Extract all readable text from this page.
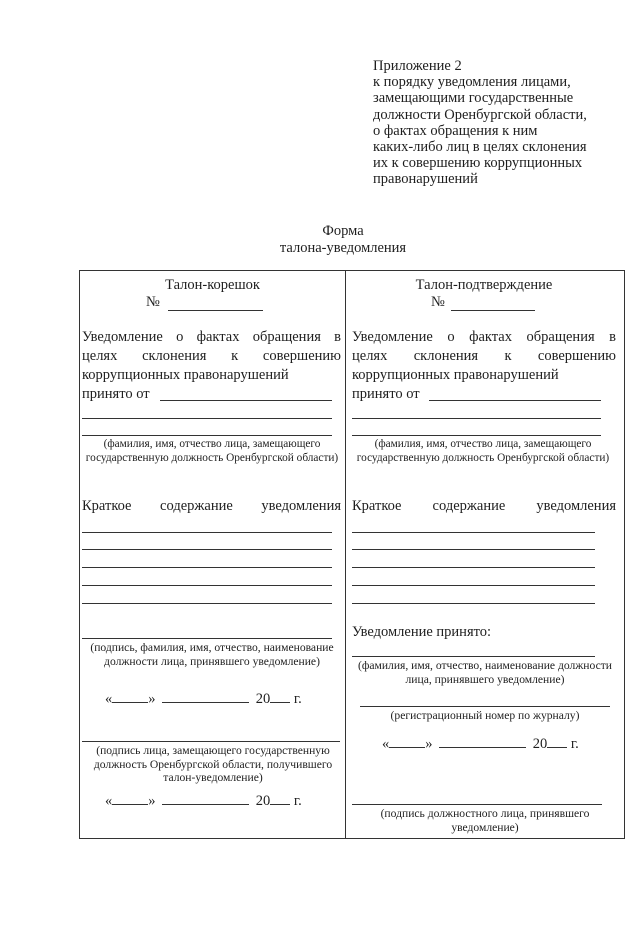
Приложение 2
к порядку уведомления лицами,
замещающими государственные
должности Оренбургской области,
о фактах обращения к ним
каких-либо лиц в целях склонения
их к совершению коррупционных
правонарушений
Форма
талона-уведомления
Талон-корешок
№
Уведомление о фактах обращения в
целях склонения к совершению
коррупционных правонарушений
принято от
(фамилия, имя, отчество лица, замещающего государственную должность Оренбургской области)
Краткое содержание уведомления
(подпись, фамилия, имя, отчество, наименование должности лица, принявшего уведомление)
« »	20 г.
(подпись лица, замещающего государственную должность Оренбургской области, получившего талон-уведомление)
« »	20 г.
Талон-подтверждение
№
Уведомление о фактах обращения в
целях склонения к совершению
коррупционных правонарушений
принято от
(фамилия, имя, отчество лица, замещающего государственную должность Оренбургской области)
Краткое содержание уведомления
Уведомление принято:
(фамилия, имя, отчество, наименование должности лица, принявшего уведомление)
(регистрационный номер по журналу)
« »	20 г.
(подпись должностного лица, принявшего уведомление)
